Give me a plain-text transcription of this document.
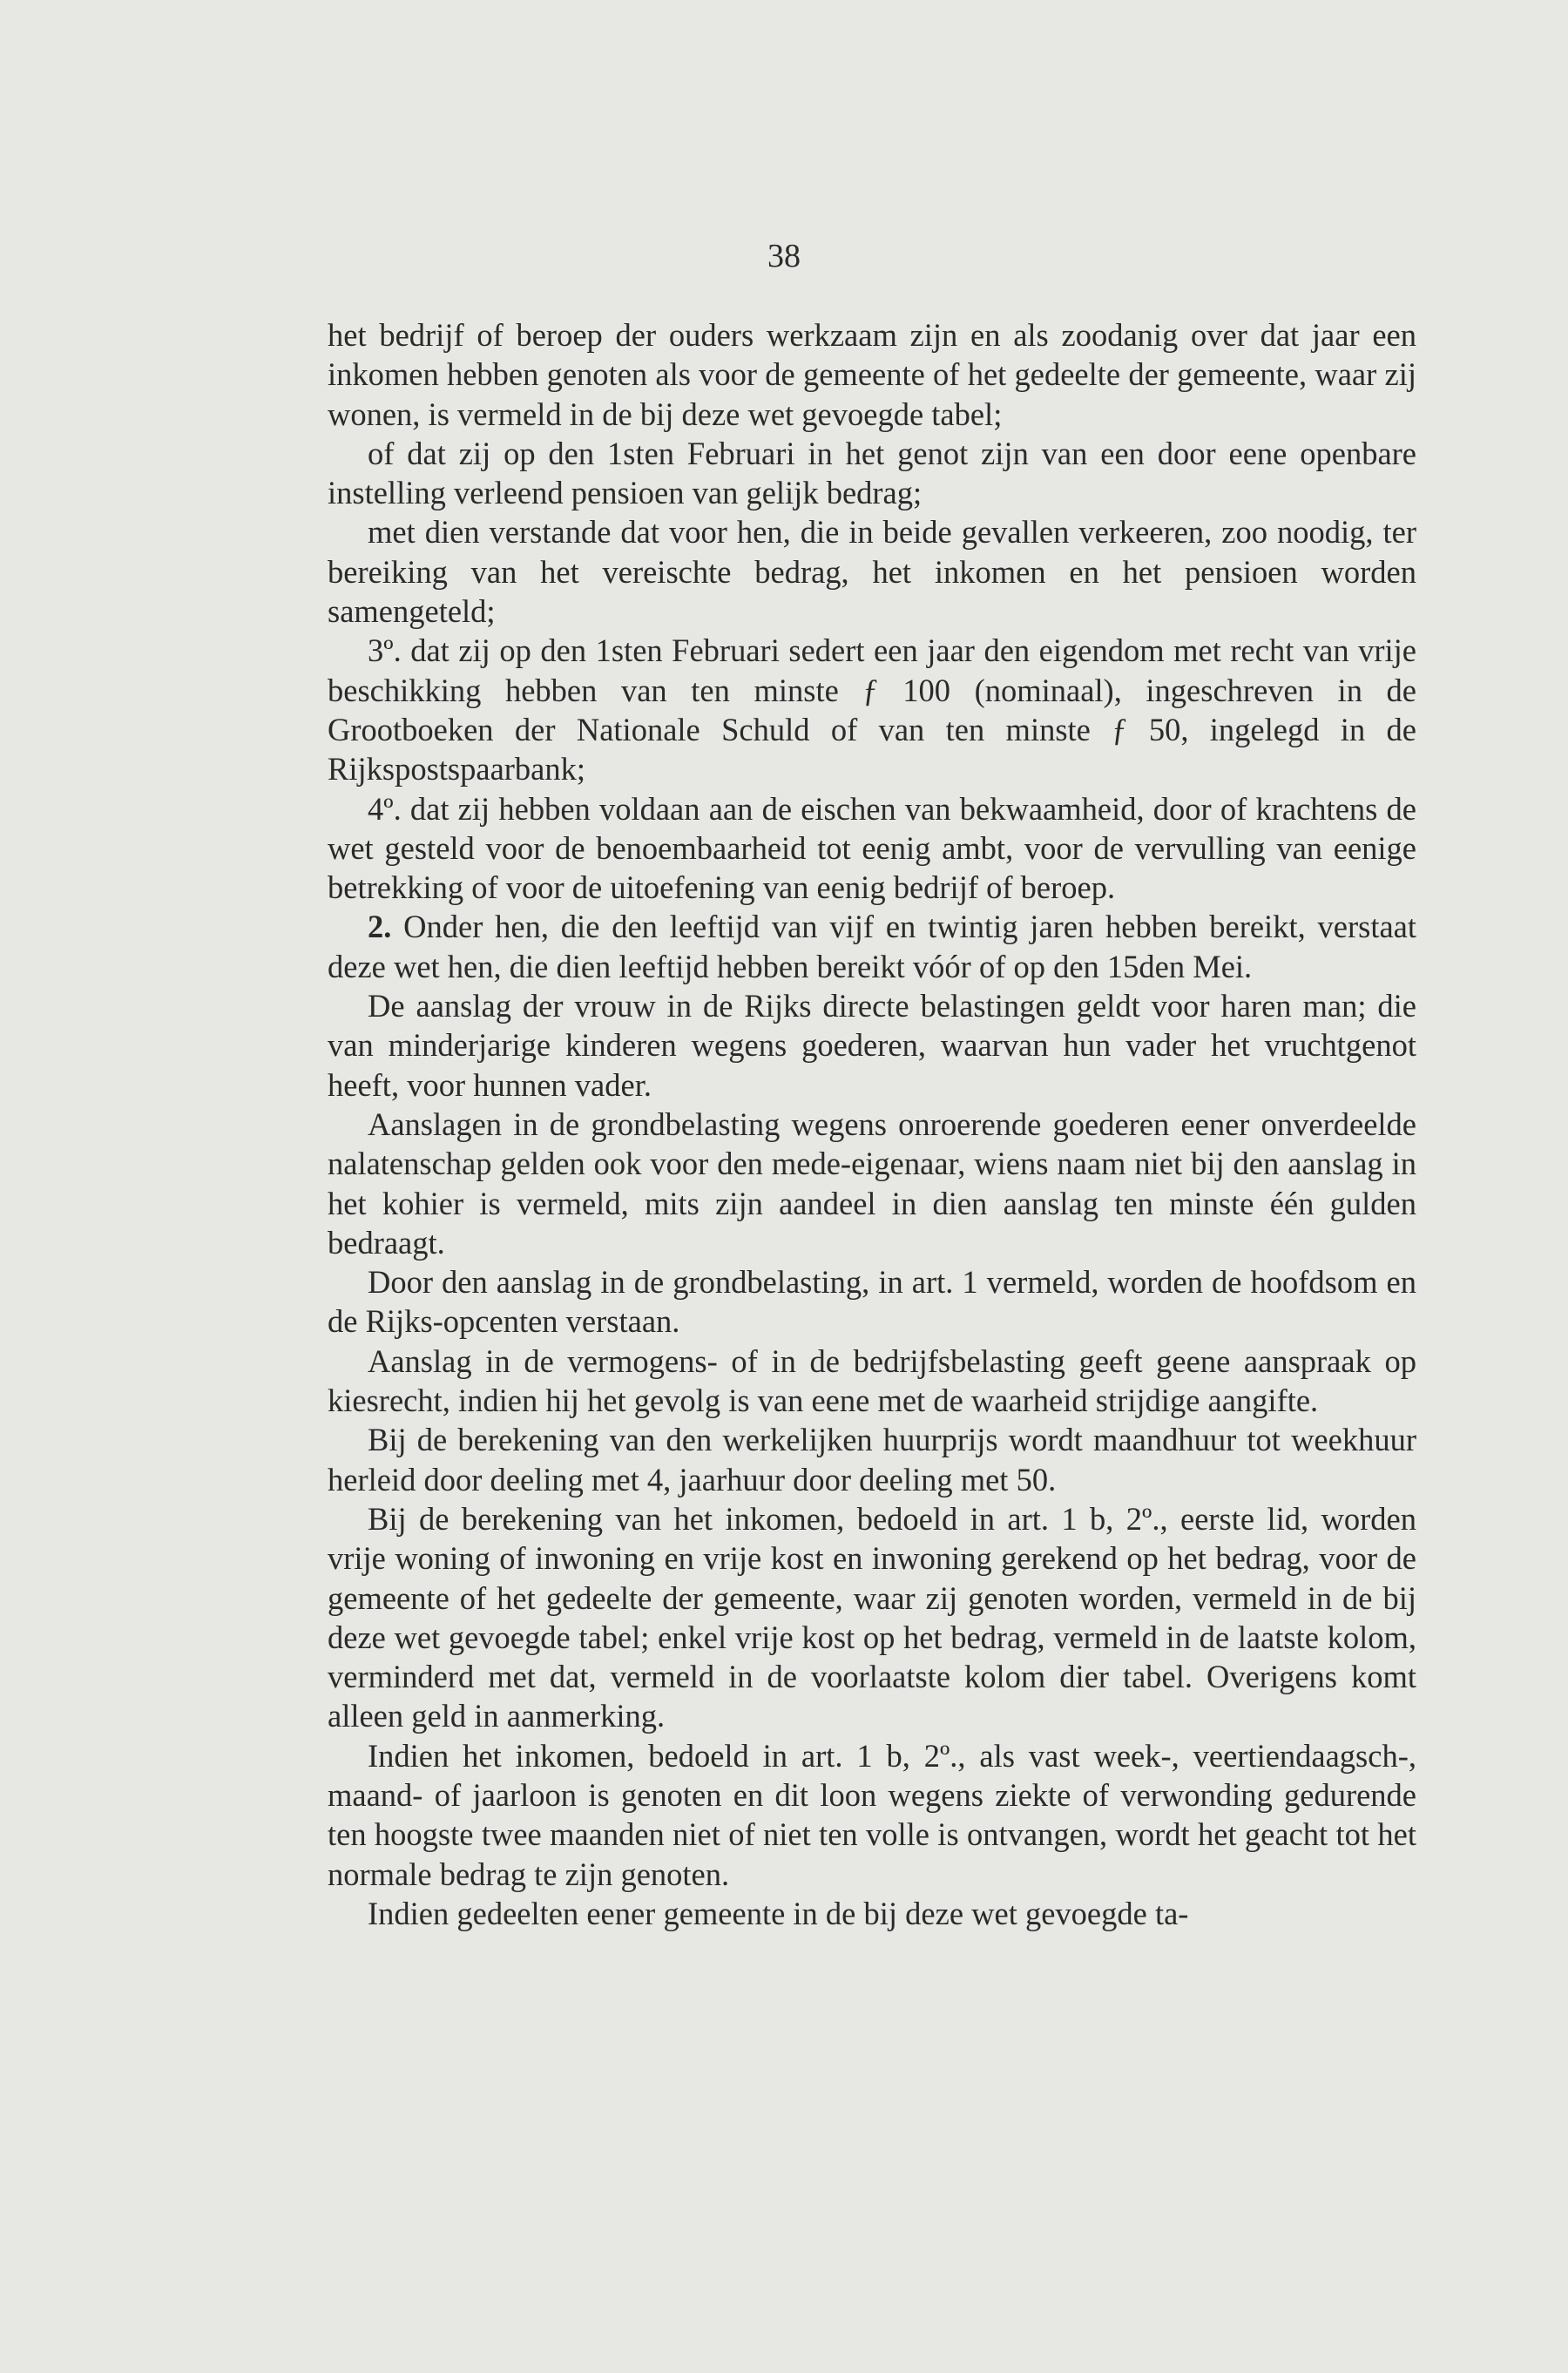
38

het bedrijf of beroep der ouders werkzaam zijn en als zoodanig over dat jaar een inkomen hebben genoten als voor de gemeente of het gedeelte der gemeente, waar zij wonen, is vermeld in de bij deze wet gevoegde tabel;

of dat zij op den 1sten Februari in het genot zijn van een door eene openbare instelling verleend pensioen van gelijk bedrag;

met dien verstande dat voor hen, die in beide gevallen verkeeren, zoo noodig, ter bereiking van het vereischte bedrag, het inkomen en het pensioen worden samengeteld;

3º. dat zij op den 1sten Februari sedert een jaar den eigendom met recht van vrije beschikking hebben van ten minste ƒ 100 (nominaal), ingeschreven in de Grootboeken der Nationale Schuld of van ten minste ƒ 50, ingelegd in de Rijkspostspaarbank;

4º. dat zij hebben voldaan aan de eischen van bekwaamheid, door of krachtens de wet gesteld voor de benoembaarheid tot eenig ambt, voor de vervulling van eenige betrekking of voor de uitoefening van eenig bedrijf of beroep.

2. Onder hen, die den leeftijd van vijf en twintig jaren hebben bereikt, verstaat deze wet hen, die dien leeftijd hebben bereikt vóór of op den 15den Mei.

De aanslag der vrouw in de Rijks directe belastingen geldt voor haren man; die van minderjarige kinderen wegens goederen, waarvan hun vader het vruchtgenot heeft, voor hunnen vader.

Aanslagen in de grondbelasting wegens onroerende goederen eener onverdeelde nalatenschap gelden ook voor den mede-eigenaar, wiens naam niet bij den aanslag in het kohier is vermeld, mits zijn aandeel in dien aanslag ten minste één gulden bedraagt.

Door den aanslag in de grondbelasting, in art. 1 vermeld, worden de hoofdsom en de Rijks-opcenten verstaan.

Aanslag in de vermogens- of in de bedrijfsbelasting geeft geene aanspraak op kiesrecht, indien hij het gevolg is van eene met de waarheid strijdige aangifte.

Bij de berekening van den werkelijken huurprijs wordt maandhuur tot weekhuur herleid door deeling met 4, jaarhuur door deeling met 50.

Bij de berekening van het inkomen, bedoeld in art. 1 b, 2º., eerste lid, worden vrije woning of inwoning en vrije kost en inwoning gerekend op het bedrag, voor de gemeente of het gedeelte der gemeente, waar zij genoten worden, vermeld in de bij deze wet gevoegde tabel; enkel vrije kost op het bedrag, vermeld in de laatste kolom, verminderd met dat, vermeld in de voorlaatste kolom dier tabel. Overigens komt alleen geld in aanmerking.

Indien het inkomen, bedoeld in art. 1 b, 2º., als vast week-, veertiendaagsch-, maand- of jaarloon is genoten en dit loon wegens ziekte of verwonding gedurende ten hoogste twee maanden niet of niet ten volle is ontvangen, wordt het geacht tot het normale bedrag te zijn genoten.

Indien gedeelten eener gemeente in de bij deze wet gevoegde ta-
